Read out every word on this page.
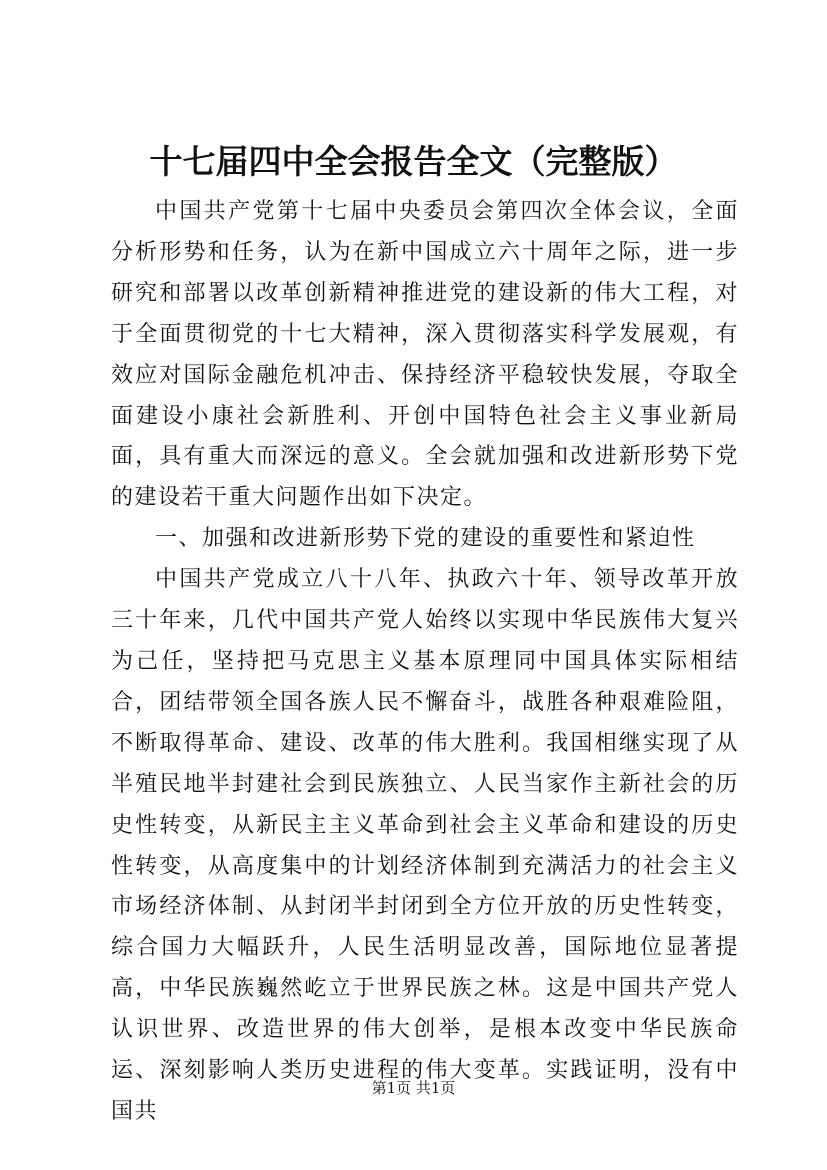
十七届四中全会报告全文（完整版）

中国共产党第十七届中央委员会第四次全体会议，全面分析形势和任务，认为在新中国成立六十周年之际，进一步研究和部署以改革创新精神推进党的建设新的伟大工程，对于全面贯彻党的十七大精神，深入贯彻落实科学发展观，有效应对国际金融危机冲击、保持经济平稳较快发展，夺取全面建设小康社会新胜利、开创中国特色社会主义事业新局面，具有重大而深远的意义。全会就加强和改进新形势下党的建设若干重大问题作出如下决定。

一、加强和改进新形势下党的建设的重要性和紧迫性

中国共产党成立八十八年、执政六十年、领导改革开放三十年来，几代中国共产党人始终以实现中华民族伟大复兴为己任，坚持把马克思主义基本原理同中国具体实际相结合，团结带领全国各族人民不懈奋斗，战胜各种艰难险阻，不断取得革命、建设、改革的伟大胜利。我国相继实现了从半殖民地半封建社会到民族独立、人民当家作主新社会的历史性转变，从新民主主义革命到社会主义革命和建设的历史性转变，从高度集中的计划经济体制到充满活力的社会主义市场经济体制、从封闭半封闭到全方位开放的历史性转变，综合国力大幅跃升，人民生活明显改善，国际地位显著提高，中华民族巍然屹立于世界民族之林。这是中国共产党人认识世界、改造世界的伟大创举，是根本改变中华民族命运、深刻影响人类历史进程的伟大变革。实践证明，没有中国共

第1页 共1页
